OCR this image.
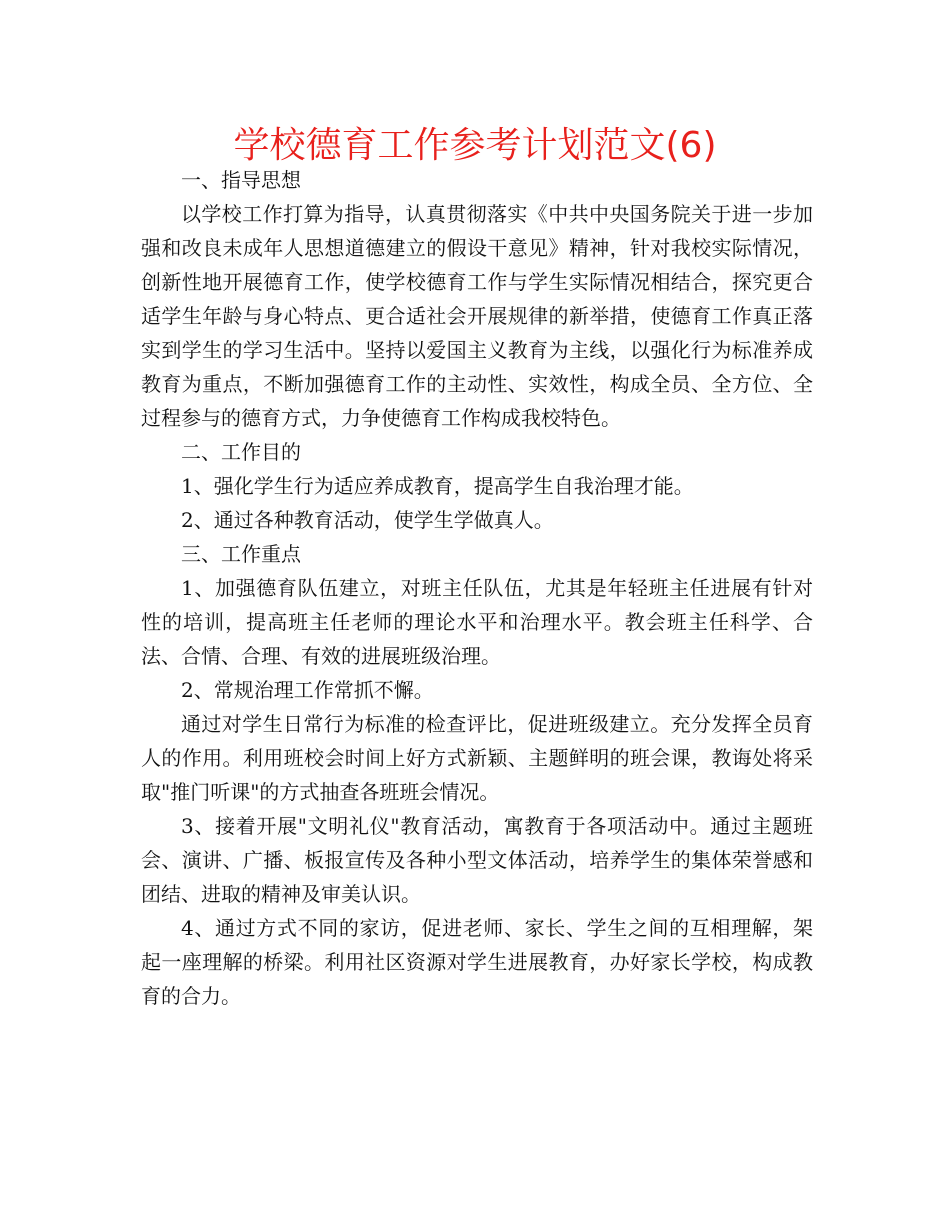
学校德育工作参考计划范文(6)

一、指导思想

以学校工作打算为指导，认真贯彻落实《中共中央国务院关于进一步加强和改良未成年人思想道德建立的假设干意见》精神，针对我校实际情况，创新性地开展德育工作，使学校德育工作与学生实际情况相结合，探究更合适学生年龄与身心特点、更合适社会开展规律的新举措，使德育工作真正落实到学生的学习生活中。坚持以爱国主义教育为主线，以强化行为标准养成教育为重点，不断加强德育工作的主动性、实效性，构成全员、全方位、全过程参与的德育方式，力争使德育工作构成我校特色。

二、工作目的

1、强化学生行为适应养成教育，提高学生自我治理才能。

2、通过各种教育活动，使学生学做真人。

三、工作重点

1、加强德育队伍建立，对班主任队伍，尤其是年轻班主任进展有针对性的培训，提高班主任老师的理论水平和治理水平。教会班主任科学、合法、合情、合理、有效的进展班级治理。

2、常规治理工作常抓不懈。

通过对学生日常行为标准的检查评比，促进班级建立。充分发挥全员育人的作用。利用班校会时间上好方式新颖、主题鲜明的班会课，教诲处将采取"推门听课"的方式抽查各班班会情况。

3、接着开展"文明礼仪"教育活动，寓教育于各项活动中。通过主题班会、演讲、广播、板报宣传及各种小型文体活动，培养学生的集体荣誉感和团结、进取的精神及审美认识。

4、通过方式不同的家访，促进老师、家长、学生之间的互相理解，架起一座理解的桥梁。利用社区资源对学生进展教育，办好家长学校，构成教育的合力。
